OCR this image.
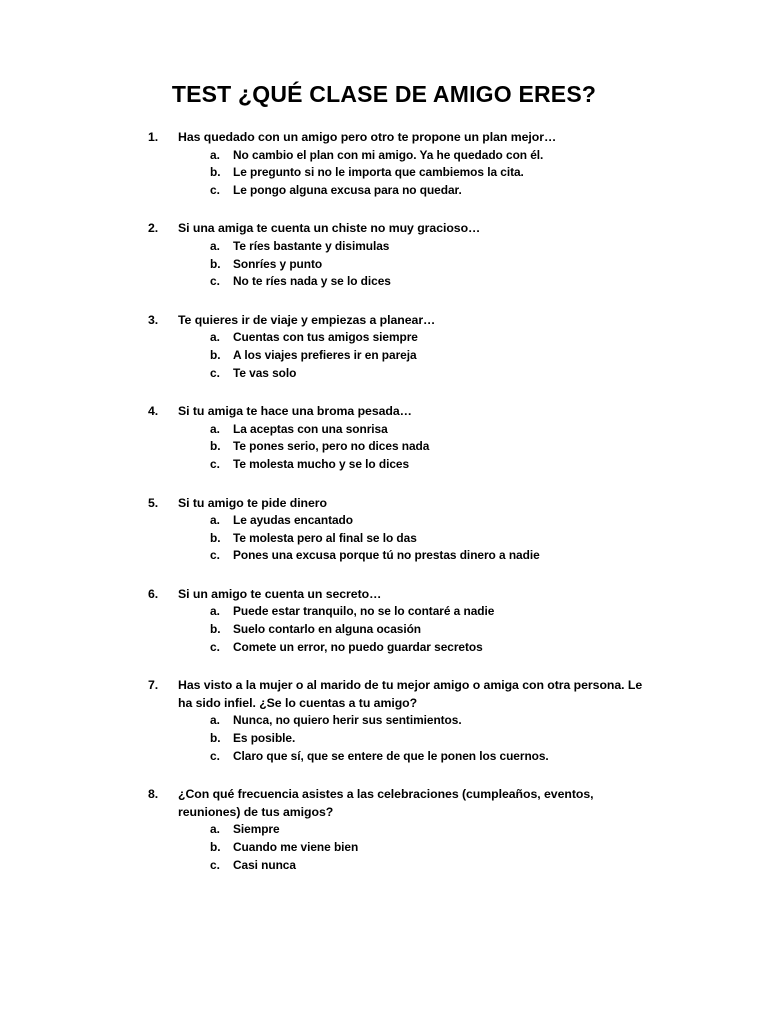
TEST ¿QUÉ CLASE DE AMIGO ERES?
1.	Has quedado con un amigo pero otro te propone un plan mejor…
a.	No cambio el plan con mi amigo. Ya he quedado con él.
b.	Le pregunto si no le importa que cambiemos la cita.
c.	Le pongo alguna excusa para no quedar.
2.	Si una amiga te cuenta un chiste no muy gracioso…
a.	Te ríes bastante y disimulas
b.	Sonríes y punto
c.	No te ríes nada y se lo dices
3.	Te quieres ir de viaje y empiezas a planear…
a.	Cuentas con tus amigos siempre
b.	A los viajes prefieres ir en pareja
c.	Te vas solo
4.	Si tu amiga te hace una broma pesada…
a.	La aceptas con una sonrisa
b.	Te pones serio, pero no dices nada
c.	Te molesta mucho y se lo dices
5.	Si tu amigo te pide dinero
a.	Le ayudas encantado
b.	Te molesta pero al final se lo das
c.	Pones una excusa porque tú no prestas dinero a nadie
6.	Si un amigo te cuenta un secreto…
a.	Puede estar tranquilo, no se lo contaré a nadie
b.	Suelo contarlo en alguna ocasión
c.	Comete un error, no puedo guardar secretos
7.	Has visto a la mujer o al marido de tu mejor amigo o amiga con otra persona. Le ha sido infiel. ¿Se lo cuentas a tu amigo?
a.	Nunca, no quiero herir sus sentimientos.
b.	Es posible.
c.	Claro que sí, que se entere de que le ponen los cuernos.
8.	¿Con qué frecuencia asistes a las celebraciones (cumpleaños, eventos, reuniones) de tus amigos?
a.	Siempre
b.	Cuando me viene bien
c.	Casi nunca
